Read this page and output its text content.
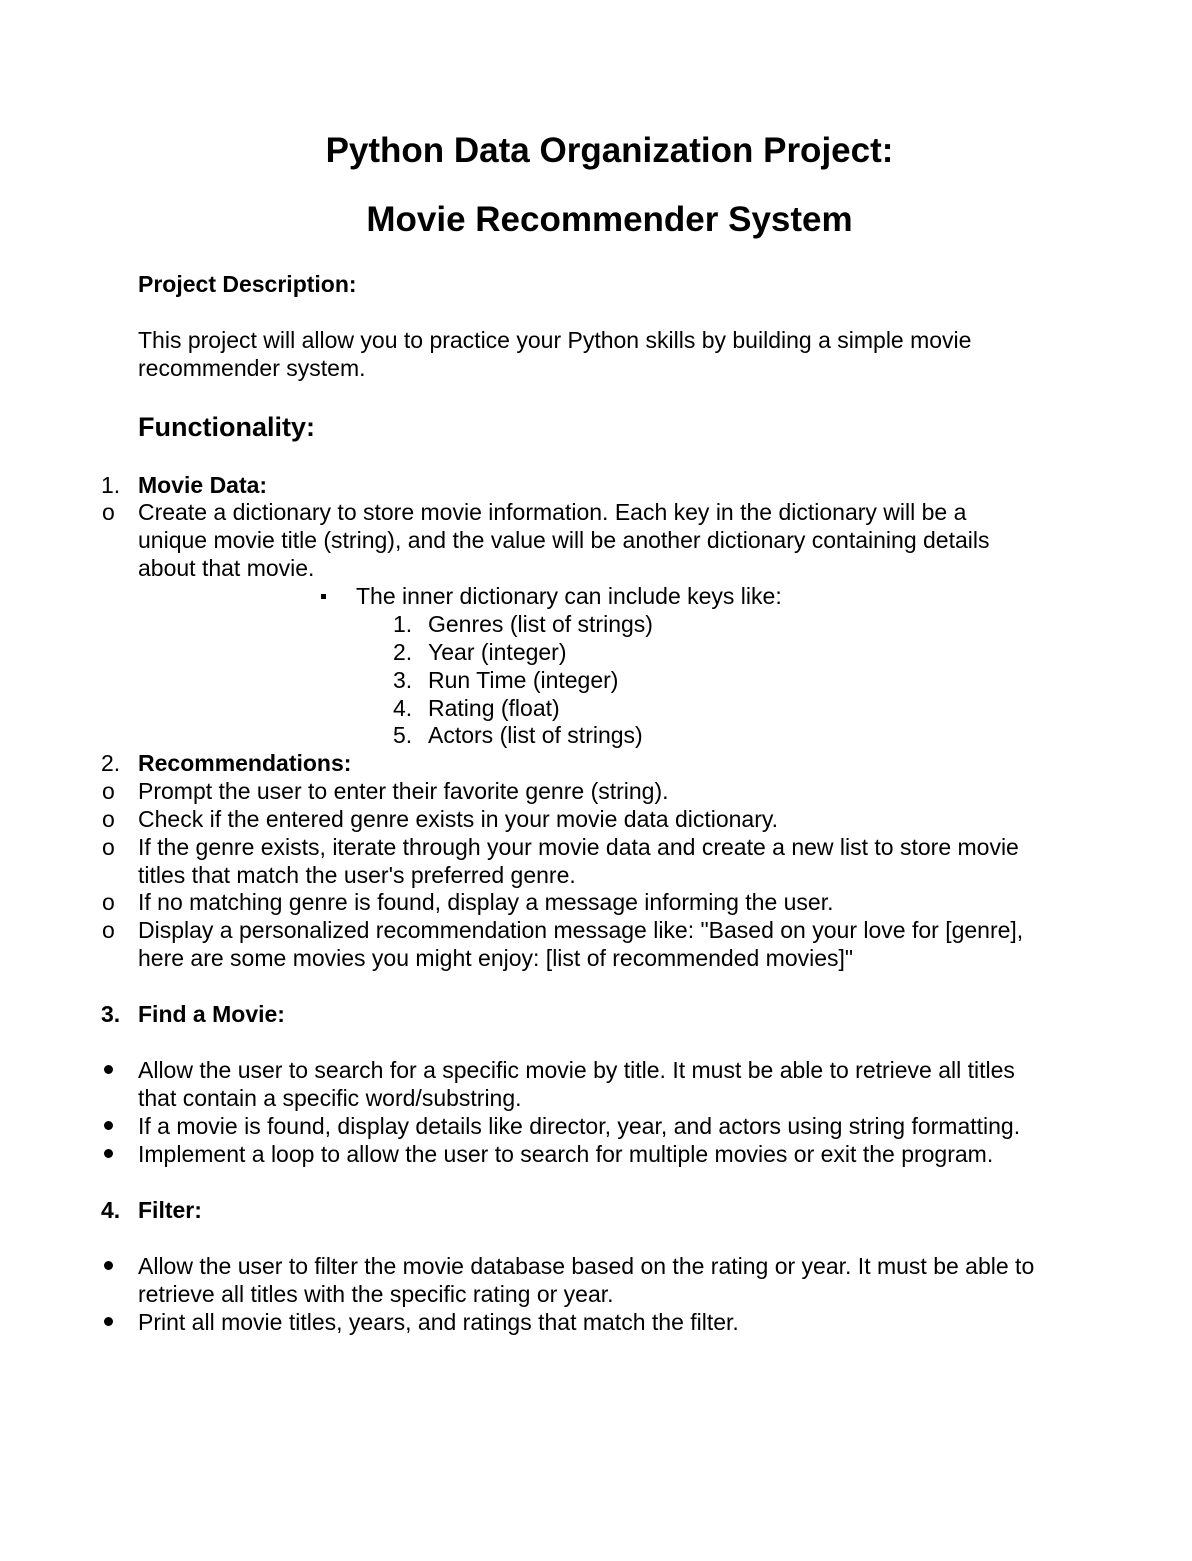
Python Data Organization Project:
Movie Recommender System
Project Description:
This project will allow you to practice your Python skills by building a simple movie
recommender system.
Functionality:
1. Movie Data:
o Create a dictionary to store movie information. Each key in the dictionary will be a
unique movie title (string), and the value will be another dictionary containing details
about that movie.
The inner dictionary can include keys like:
1. Genres (list of strings)
2. Year (integer)
3. Run Time (integer)
4. Rating (float)
5. Actors (list of strings)
2. Recommendations:
o Prompt the user to enter their favorite genre (string).
o Check if the entered genre exists in your movie data dictionary.
o If the genre exists, iterate through your movie data and create a new list to store movie
titles that match the user's preferred genre.
o If no matching genre is found, display a message informing the user.
o Display a personalized recommendation message like: "Based on your love for [genre],
here are some movies you might enjoy: [list of recommended movies]"
3. Find a Movie:
Allow the user to search for a specific movie by title. It must be able to retrieve all titles
that contain a specific word/substring.
If a movie is found, display details like director, year, and actors using string formatting.
Implement a loop to allow the user to search for multiple movies or exit the program.
4. Filter:
Allow the user to filter the movie database based on the rating or year. It must be able to
retrieve all titles with the specific rating or year.
Print all movie titles, years, and ratings that match the filter.
